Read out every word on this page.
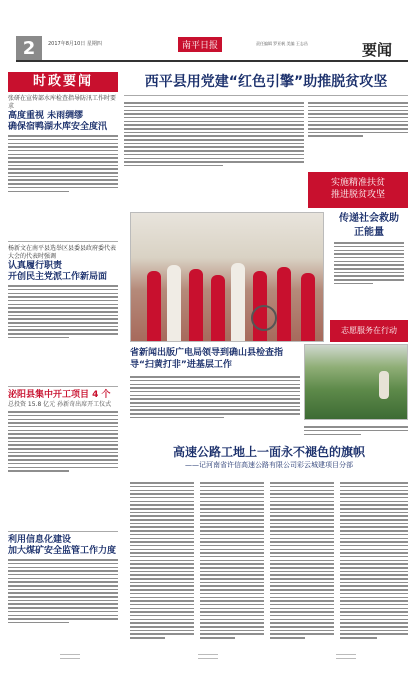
2	2017年8月10日 星期四	南平日报	责任编辑 罗亚帆 美编 王志昌	要闻
时政要闻
张研在宣传部水库检查指导防汛工作时要求
高度重视 未雨绸缪
确保宿鸭湖水库安全度汛
杨新文在南平县选举区县委县政府委代表大会的代表时强调
认真履行职责
开创民主党派工作新局面
泌阳县集中开工项目 4 个
总投资 15.8 亿元 孙新奇出席开工仪式
利用信息化建设
加大煤矿安全监管工作力度
西平县用党建“红色引擎”助推脱贫攻坚
实施精准扶贫
推进脱贫攻坚
传递社会救助
正能量
志愿服务在行动
省新闻出版广电局领导到确山县检查指导“扫黄打非”进基层工作
高速公路工地上一面永不褪色的旗帜
——记河南省许信高速公路有限公司彩云城建项目分部
